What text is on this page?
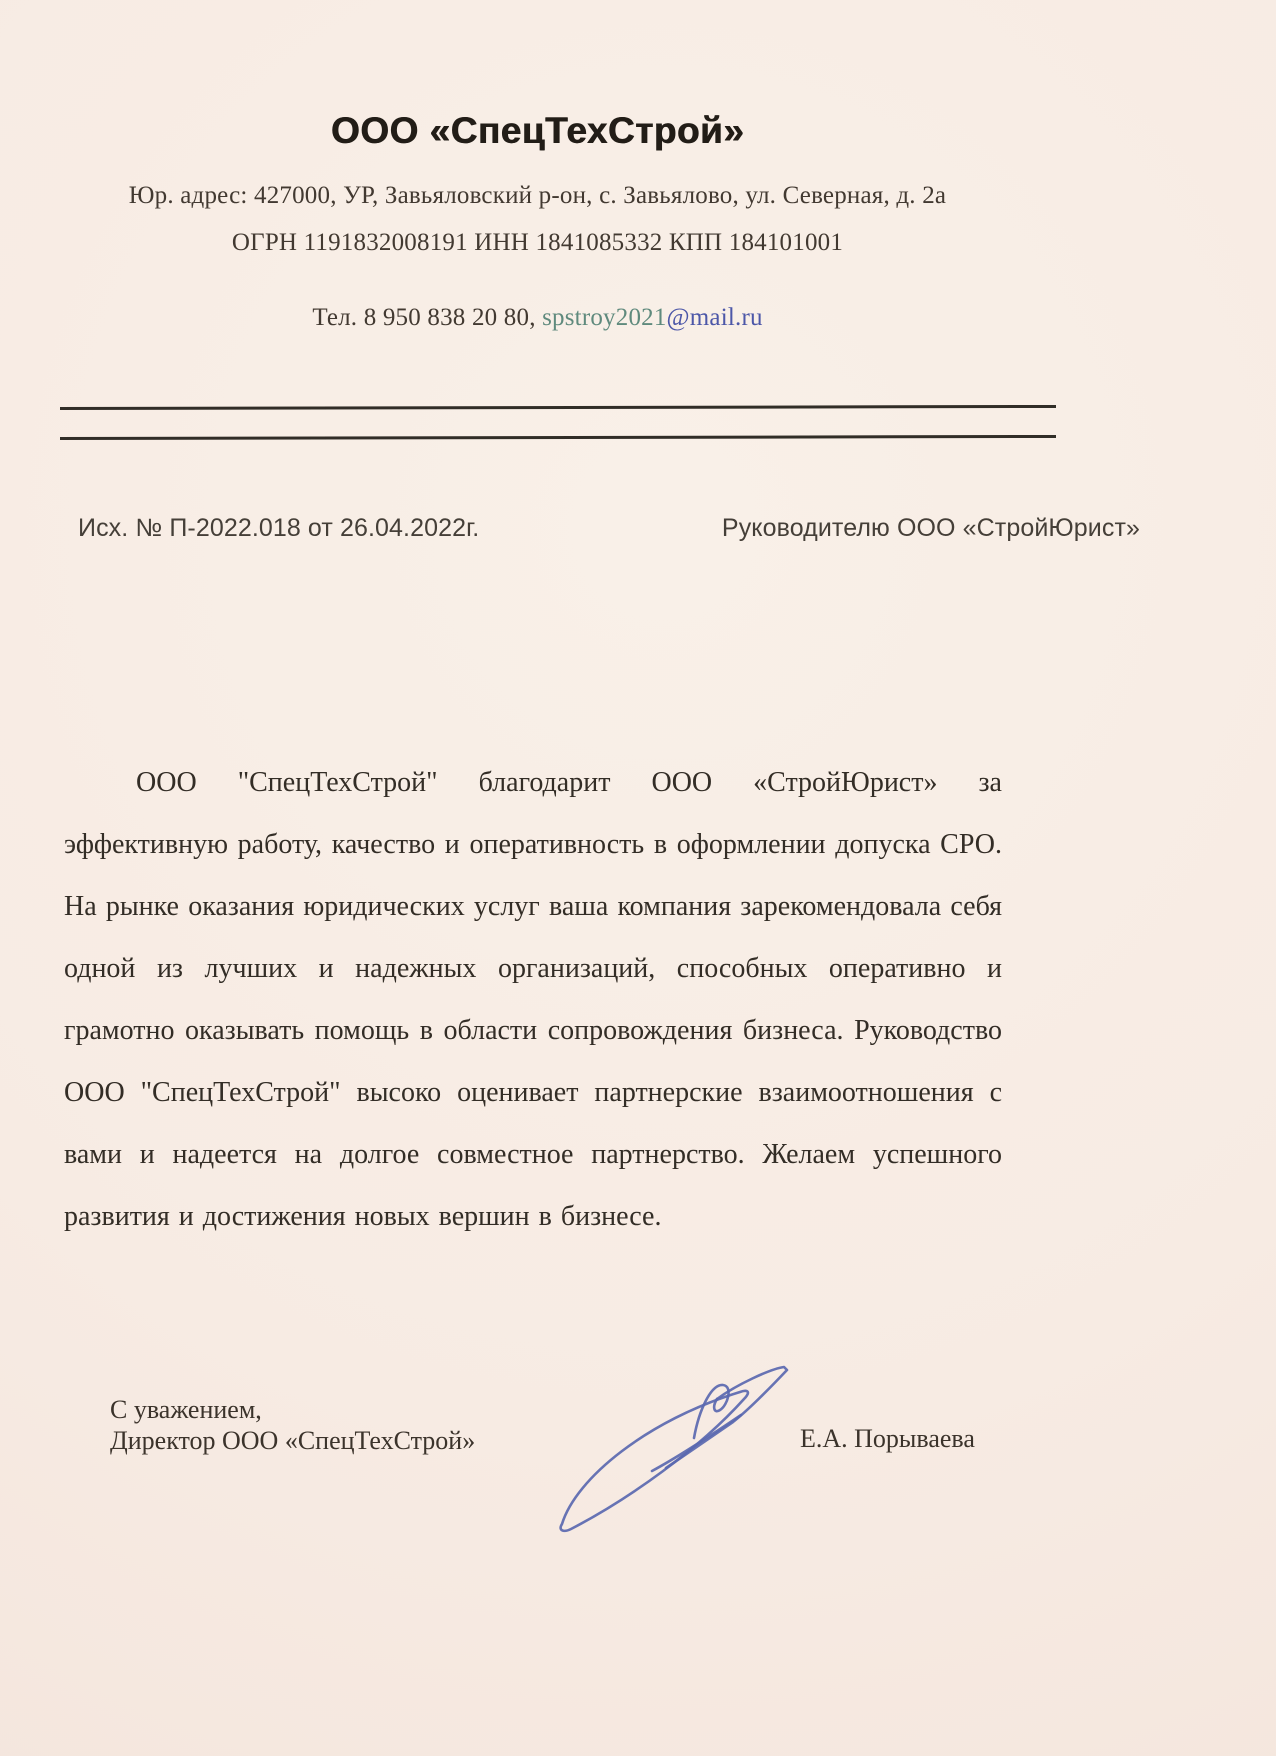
ООО «СпецТехСтрой»

Юр. адрес: 427000, УР, Завьяловский р-он, с. Завьялово, ул. Северная, д. 2а

ОГРН 1191832008191 ИНН 1841085332 КПП 184101001

Тел. 8 950 838 20 80, spstroy2021@mail.ru

Исх. № П-2022.018 от 26.04.2022г.	Руководителю ООО «СтройЮрист»

ООО "СпецТехСтрой" благодарит ООО «СтройЮрист» за эффективную работу, качество и оперативность в оформлении допуска СРО. На рынке оказания юридических услуг ваша компания зарекомендовала себя одной из лучших и надежных организаций, способных оперативно и грамотно оказывать помощь в области сопровождения бизнеса. Руководство ООО "СпецТехСтрой" высоко оценивает партнерские взаимоотношения с вами и надеется на долгое совместное партнерство. Желаем успешного развития и достижения новых вершин в бизнесе.

С уважением,
Директор ООО «СпецТехСтрой»	Е.А. Порываева
